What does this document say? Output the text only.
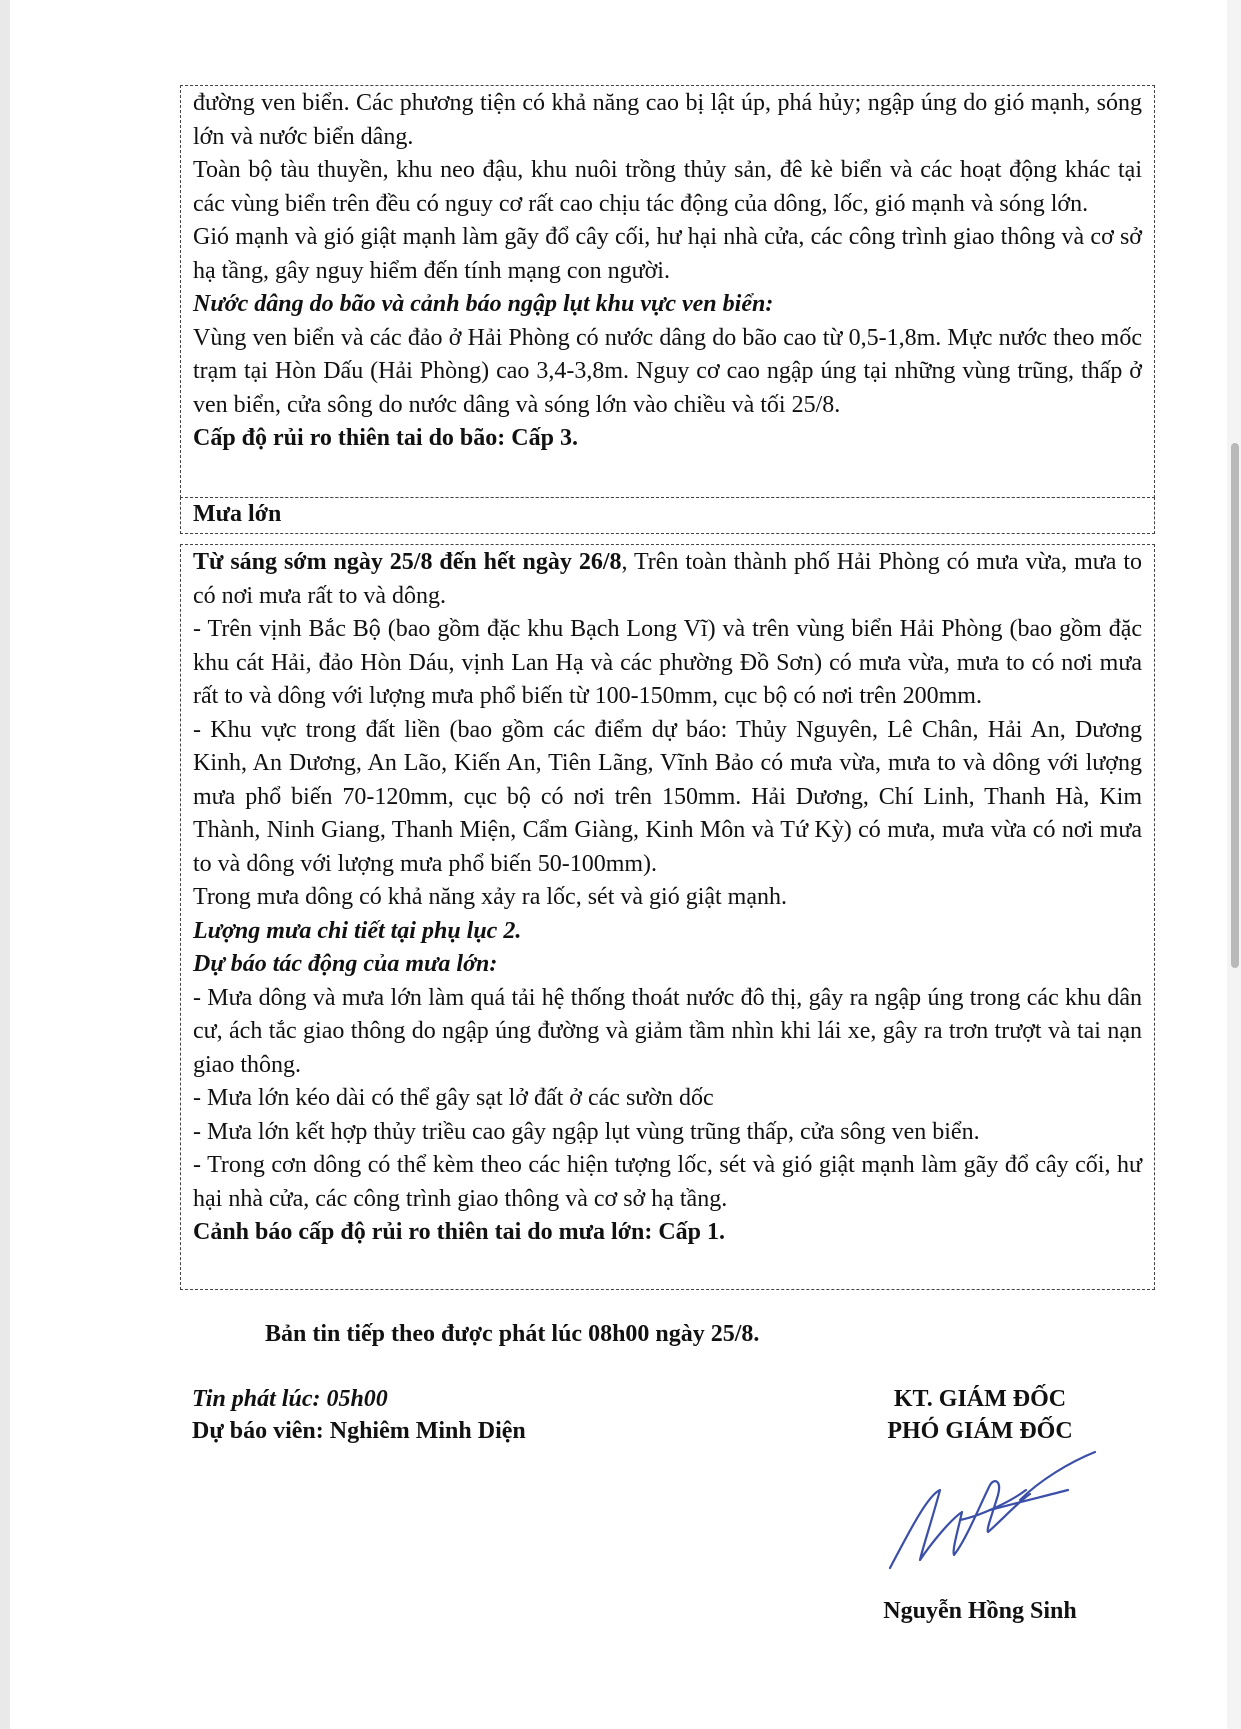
đường ven biển. Các phương tiện có khả năng cao bị lật úp, phá hủy; ngập úng do gió mạnh, sóng lớn và nước biển dâng.

Toàn bộ tàu thuyền, khu neo đậu, khu nuôi trồng thủy sản, đê kè biển và các hoạt động khác tại các vùng biển trên đều có nguy cơ rất cao chịu tác động của dông, lốc, gió mạnh và sóng lớn.

Gió mạnh và gió giật mạnh làm gãy đổ cây cối, hư hại nhà cửa, các công trình giao thông và cơ sở hạ tầng, gây nguy hiểm đến tính mạng con người.

Nước dâng do bão và cảnh báo ngập lụt khu vực ven biển:

Vùng ven biển và các đảo ở Hải Phòng có nước dâng do bão cao từ 0,5-1,8m. Mực nước theo mốc trạm tại Hòn Dấu (Hải Phòng) cao 3,4-3,8m. Nguy cơ cao ngập úng tại những vùng trũng, thấp ở ven biển, cửa sông do nước dâng và sóng lớn vào chiều và tối 25/8.

Cấp độ rủi ro thiên tai do bão: Cấp 3.

Mưa lớn

Từ sáng sớm ngày 25/8 đến hết ngày 26/8, Trên toàn thành phố Hải Phòng có mưa vừa, mưa to có nơi mưa rất to và dông.

- Trên vịnh Bắc Bộ (bao gồm đặc khu Bạch Long Vĩ) và trên vùng biển Hải Phòng (bao gồm đặc khu cát Hải, đảo Hòn Dáu, vịnh Lan Hạ và các phường Đồ Sơn) có mưa vừa, mưa to có nơi mưa rất to và dông với lượng mưa phổ biến từ 100-150mm, cục bộ có nơi trên 200mm.

- Khu vực trong đất liền (bao gồm các điểm dự báo: Thủy Nguyên, Lê Chân, Hải An, Dương Kinh, An Dương, An Lão, Kiến An, Tiên Lãng, Vĩnh Bảo có mưa vừa, mưa to và dông với lượng mưa phổ biến 70-120mm, cục bộ có nơi trên 150mm. Hải Dương, Chí Linh, Thanh Hà, Kim Thành, Ninh Giang, Thanh Miện, Cẩm Giàng, Kinh Môn và Tứ Kỳ) có mưa, mưa vừa có nơi mưa to và dông với lượng mưa phổ biến 50-100mm).

Trong mưa dông có khả năng xảy ra lốc, sét và gió giật mạnh.

Lượng mưa chi tiết tại phụ lục 2.

Dự báo tác động của mưa lớn:

- Mưa dông và mưa lớn làm quá tải hệ thống thoát nước đô thị, gây ra ngập úng trong các khu dân cư, ách tắc giao thông do ngập úng đường và giảm tầm nhìn khi lái xe, gây ra trơn trượt và tai nạn giao thông.

- Mưa lớn kéo dài có thể gây sạt lở đất ở các sườn dốc

- Mưa lớn kết hợp thủy triều cao gây ngập lụt vùng trũng thấp, cửa sông ven biển.

- Trong cơn dông có thể kèm theo các hiện tượng lốc, sét và gió giật mạnh làm gãy đổ cây cối, hư hại nhà cửa, các công trình giao thông và cơ sở hạ tầng.

Cảnh báo cấp độ rủi ro thiên tai do mưa lớn: Cấp 1.

Bản tin tiếp theo được phát lúc 08h00 ngày 25/8.
Tin phát lúc: 05h00
Dự báo viên: Nghiêm Minh Diện
KT. GIÁM ĐỐC
PHÓ GIÁM ĐỐC
Nguyễn Hồng Sinh
